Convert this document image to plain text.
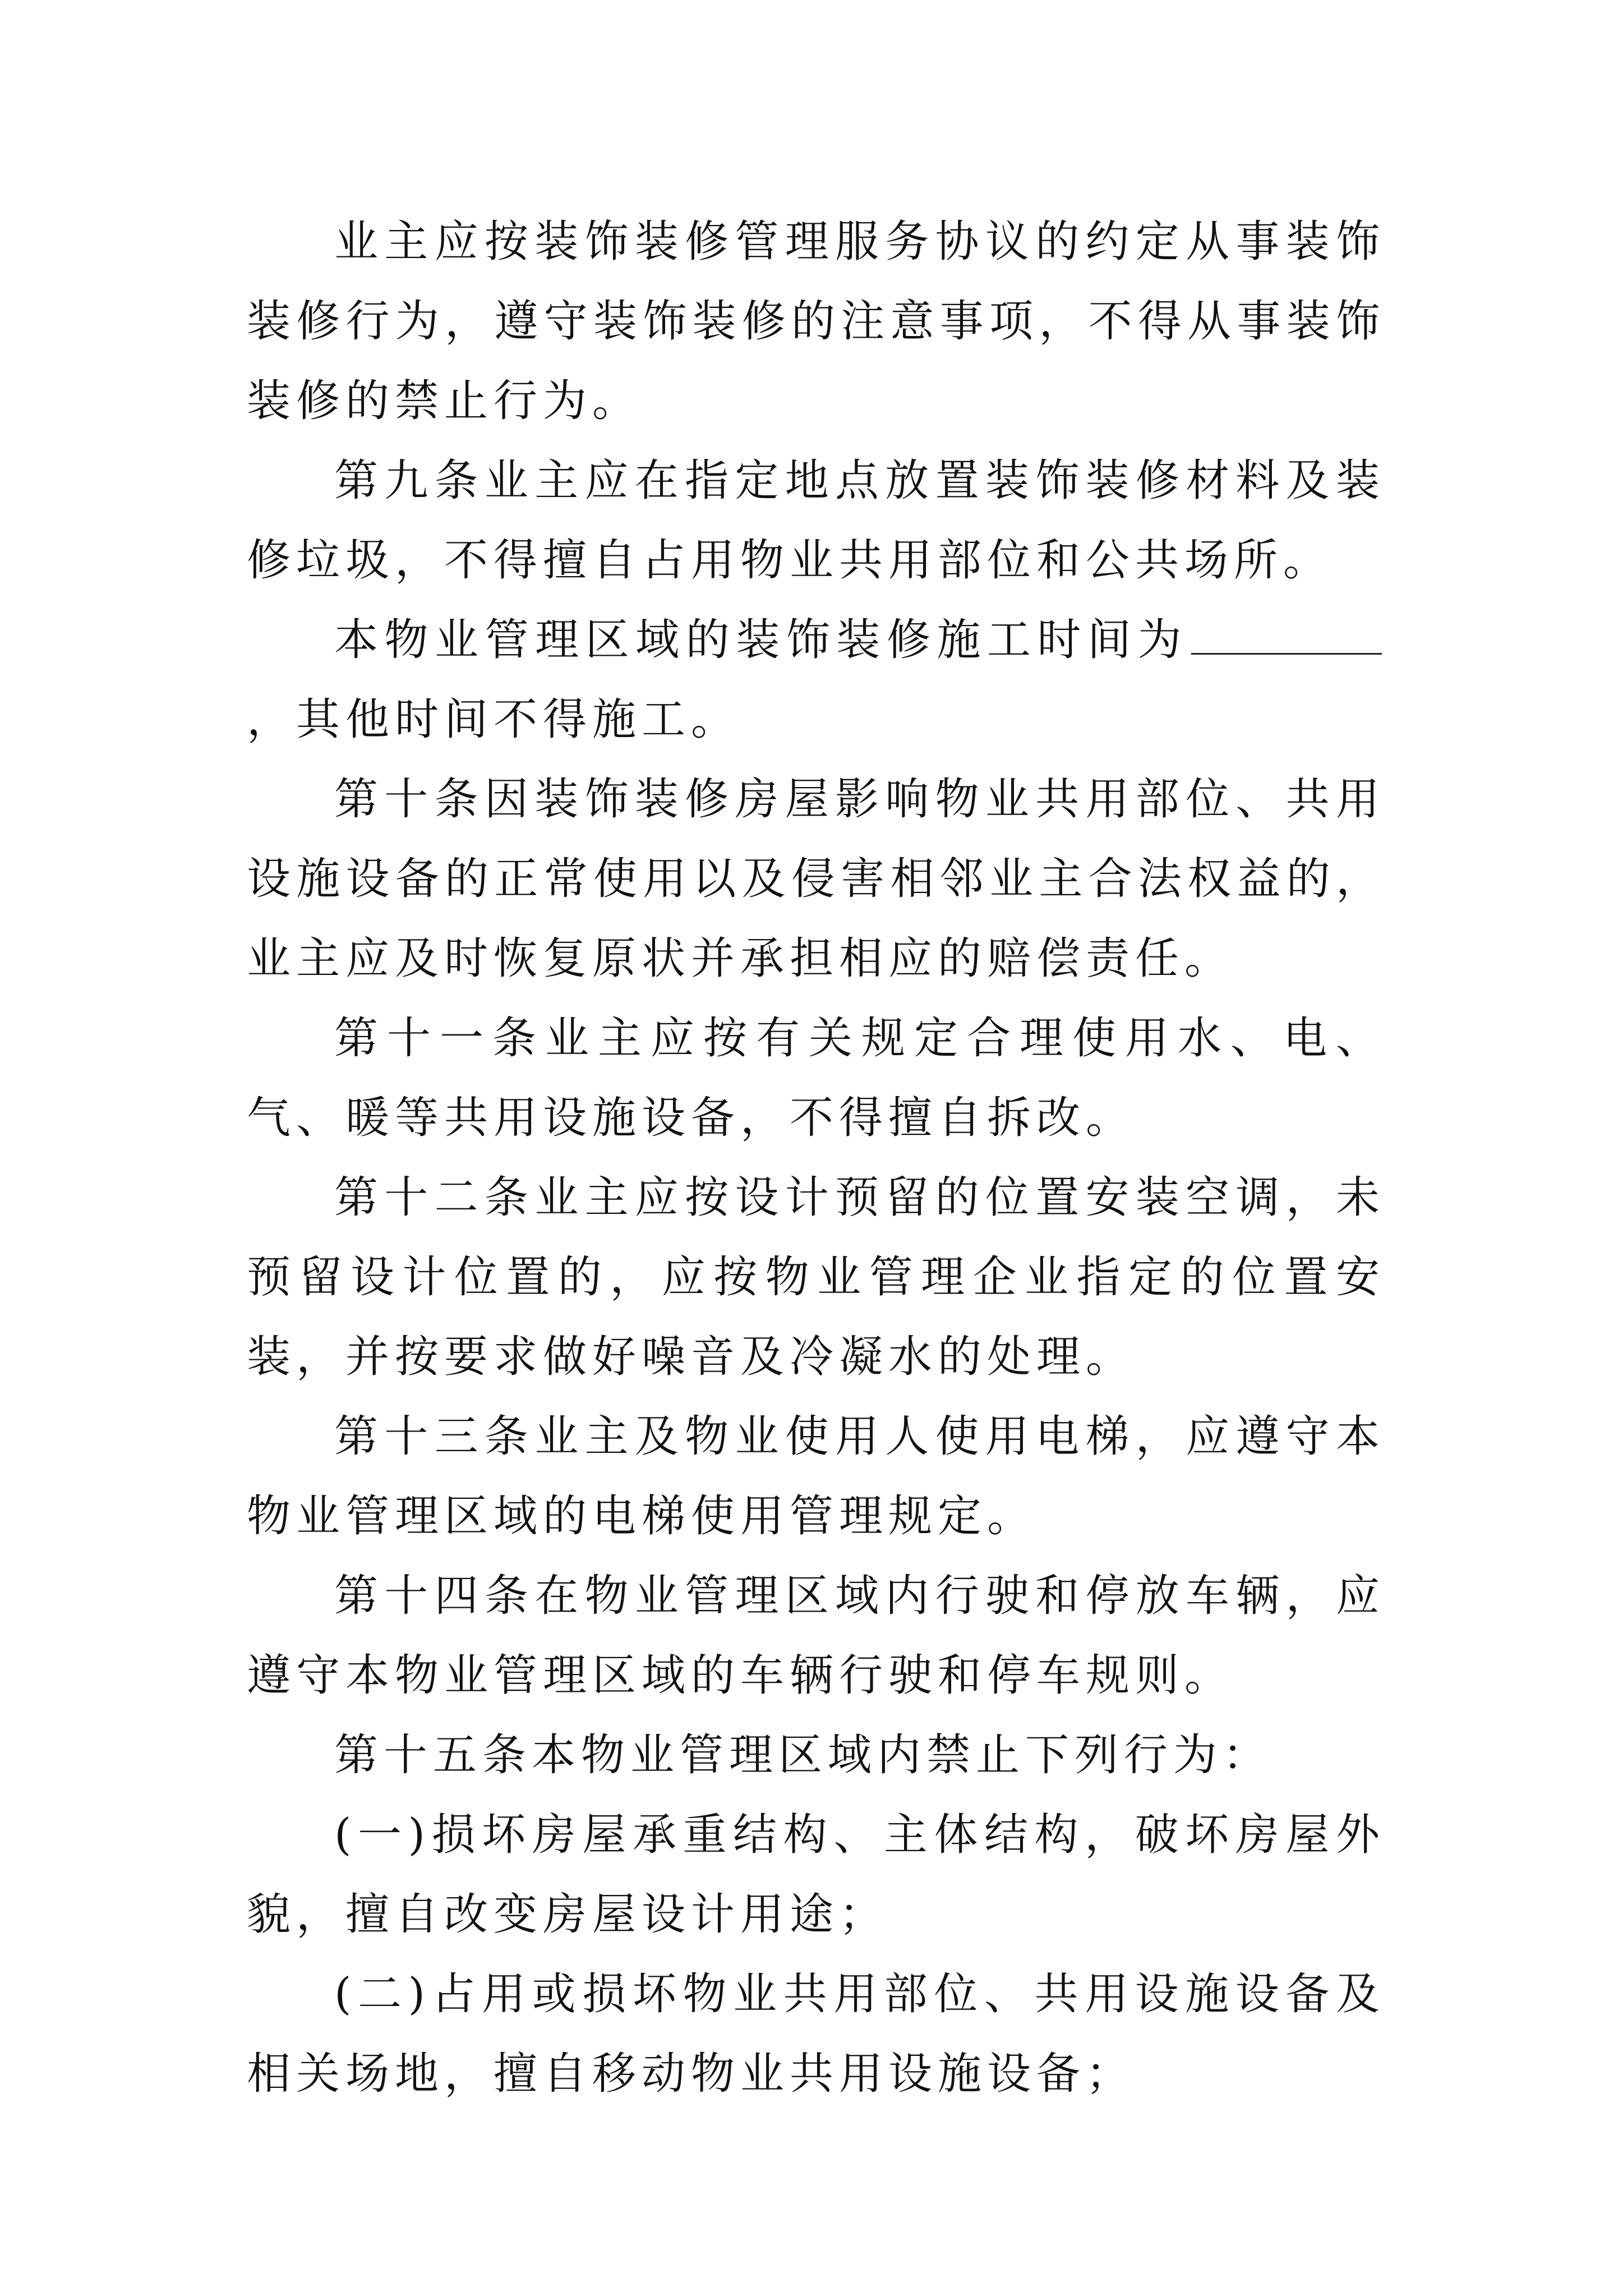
业主应按装饰装修管理服务协议的约定从事装饰装修行为，遵守装饰装修的注意事项，不得从事装饰装修的禁止行为。

第九条业主应在指定地点放置装饰装修材料及装修垃圾，不得擅自占用物业共用部位和公共场所。

本物业管理区域的装饰装修施工时间为，其他时间不得施工。

第十条因装饰装修房屋影响物业共用部位、共用设施设备的正常使用以及侵害相邻业主合法权益的，业主应及时恢复原状并承担相应的赔偿责任。

第十一条业主应按有关规定合理使用水、电、气、暖等共用设施设备，不得擅自拆改。

第十二条业主应按设计预留的位置安装空调，未预留设计位置的，应按物业管理企业指定的位置安装，并按要求做好噪音及冷凝水的处理。

第十三条业主及物业使用人使用电梯，应遵守本物业管理区域的电梯使用管理规定。

第十四条在物业管理区域内行驶和停放车辆，应遵守本物业管理区域的车辆行驶和停车规则。

第十五条本物业管理区域内禁止下列行为：

(一)损坏房屋承重结构、主体结构，破坏房屋外貌，擅自改变房屋设计用途；

(二)占用或损坏物业共用部位、共用设施设备及相关场地，擅自移动物业共用设施设备；
